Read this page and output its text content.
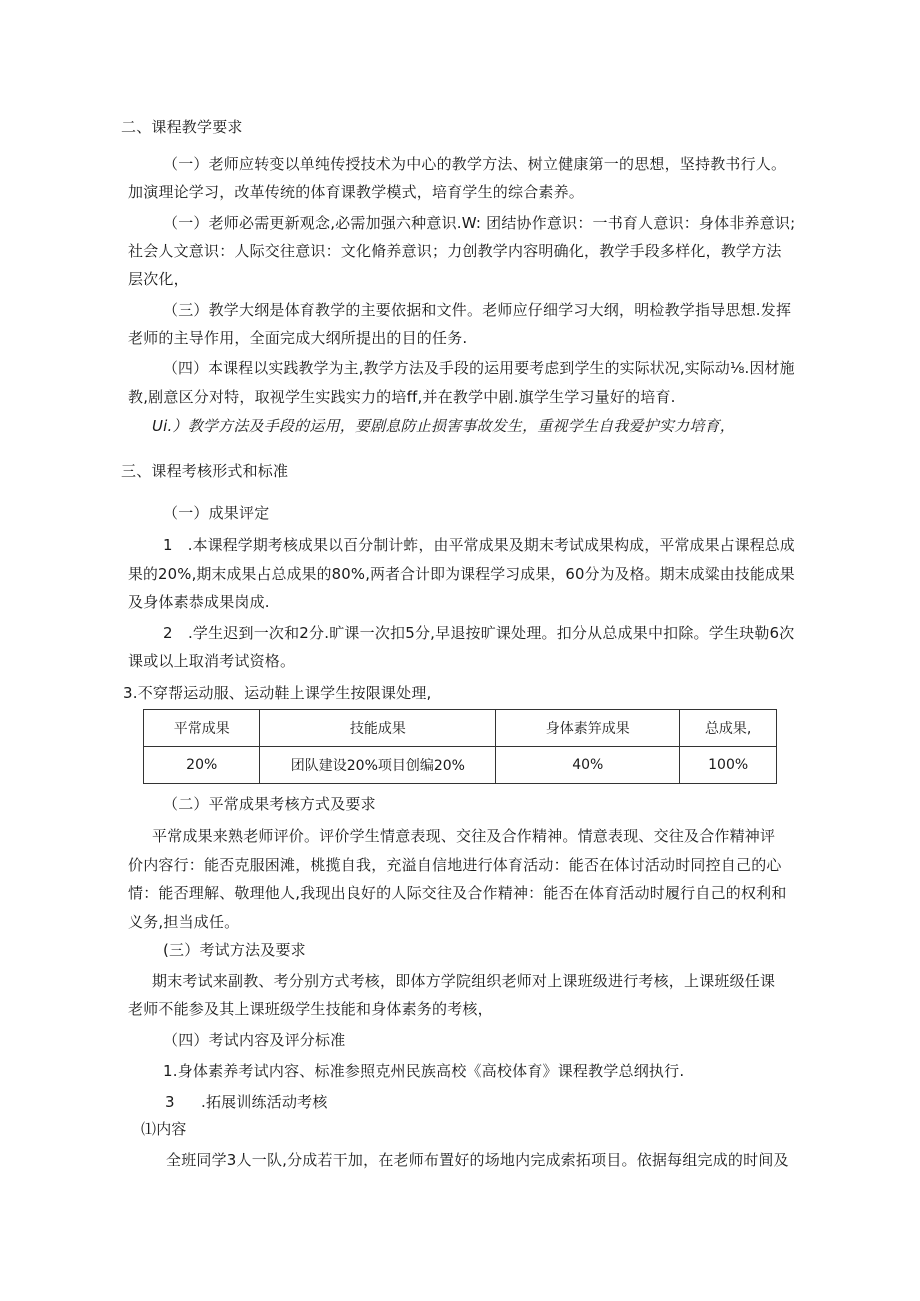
二、课程教学要求
（一）老师应转变以单纯传授技术为中心的教学方法、树立健康第一的思想，坚持教书行人。
加演理论学习，改革传统的体育课教学模式，培育学生的综合素养。
（一）老师必需更新观念,必需加强六种意识.W: 团结协作意识：一书育人意识：身体非养意识;
社会人文意识：人际交往意识：文化脩养意识；力创教学内容明确化，教学手段多样化，教学方法
层次化，
（三）教学大纲是体育教学的主要依据和文件。老师应仔细学习大纲，明检教学指导思想.发挥
老师的主导作用，全面完成大纲所提出的目的任务.
（四）本课程以实践教学为主,教学方法及手段的运用要考虑到学生的实际状况,实际动⅛.因材施
教,剧意区分对特，取视学生实践实力的培ff,并在教学中剧.旗学生学习量好的培育.
Ui.）教学方法及手段的运用，要剧息防止损害事故发生，重视学生自我爱护实力培育，
三、课程考核形式和标准
（一）成果评定
1　.本课程学期考核成果以百分制计蚱，由平常成果及期末考试成果构成，平常成果占课程总成
果的20%,期末成果占总成果的80%,两者合计即为课程学习成果，60分为及格。期末成粱由技能成果
及身体素恭成果岗成.
2　.学生迟到一次和2分.旷课一次扣5分,早退按旷课处理。扣分从总成果中扣除。学生玦勒6次
课或以上取消考试资格。
3.不穿帮运动服、运动鞋上课学生按限课处理,
平常成果	技能成果	身体素笄成果	总成果,
20%	团队建设20%项目创编20%	40%	100%
（二）平常成果考核方式及要求
平常成果来熟老师评价。评价学生情意表现、交往及合作精神。情意表现、交往及合作精神评
价内容行：能否克服困滩，桃揽自我，充溢自信地进行体育活动：能否在体讨活动时同控自己的心
情：能否理解、敬理他人,我现出良好的人际交往及合作精神：能否在体育活动时履行自己的权利和
义务,担当成任。
(三）考试方法及要求
期末考试来副教、考分别方式考核，即体方学院组织老师对上课班级进行考核，上课班级任课
老师不能参及其上课班级学生技能和身体素务的考核，
（四）考试内容及评分标准
1.身体素养考试内容、标准参照克州民族高校《高校体育》课程教学总纲执行.
3 .拓展训练活动考核
⑴内容
全班同学3人一队,分成若干加，在老师布置好的场地内完成索拓项目。依据每组完成的时间及
